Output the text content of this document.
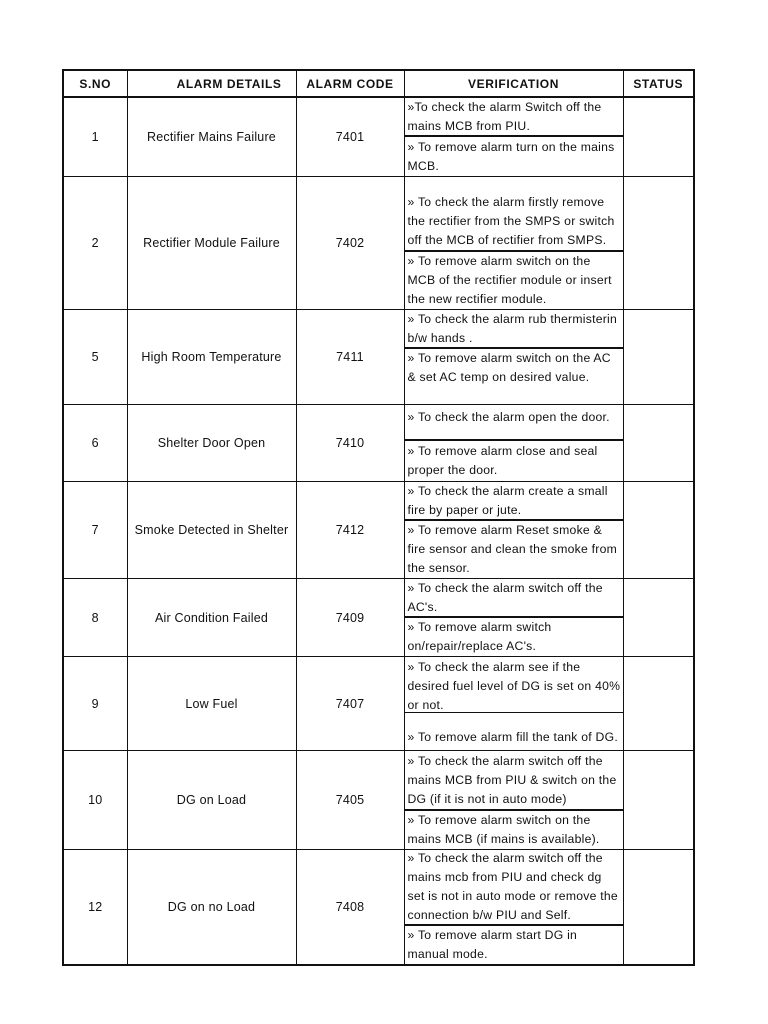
S.NO	ALARM DETAILS	ALARM CODE	VERIFICATION	STATUS
1	Rectifier Mains Failure	7401	»To check the alarm Switch off the mains MCB from PIU.
» To remove alarm turn on the mains MCB.	

2	Rectifier Module Failure	7402	» To check the alarm firstly remove the rectifier from the SMPS or switch off the MCB of rectifier from SMPS.
» To remove alarm switch on the MCB of the rectifier module or insert the new rectifier module.	

5	High Room Temperature	7411	» To check the alarm rub thermisterin b/w hands .
» To remove alarm switch on the AC & set AC temp on desired value.	

6	Shelter Door Open	7410	» To check the alarm open the door.
» To remove alarm close and seal proper the door.	

7	Smoke Detected in Shelter	7412	» To check the alarm create a small fire by paper or jute.
» To remove alarm Reset smoke & fire sensor and clean the smoke from the sensor.	

8	Air Condition Failed	7409	» To check the alarm switch off the AC's.
» To remove alarm switch on/repair/replace AC's.	

9	Low Fuel	7407	» To check the alarm see if the desired fuel level of DG is set on 40% or not.
» To remove alarm fill the tank of DG.	

10	DG on Load	7405	» To check the alarm switch off the mains MCB from PIU & switch on the DG (if it is not in auto mode)
» To remove alarm switch on the mains MCB (if mains is available).	

12	DG on no Load	7408	» To check the alarm switch off the mains mcb from PIU and check dg set is not in auto mode or remove the connection b/w PIU and Self.
» To remove alarm start DG in manual mode.	
